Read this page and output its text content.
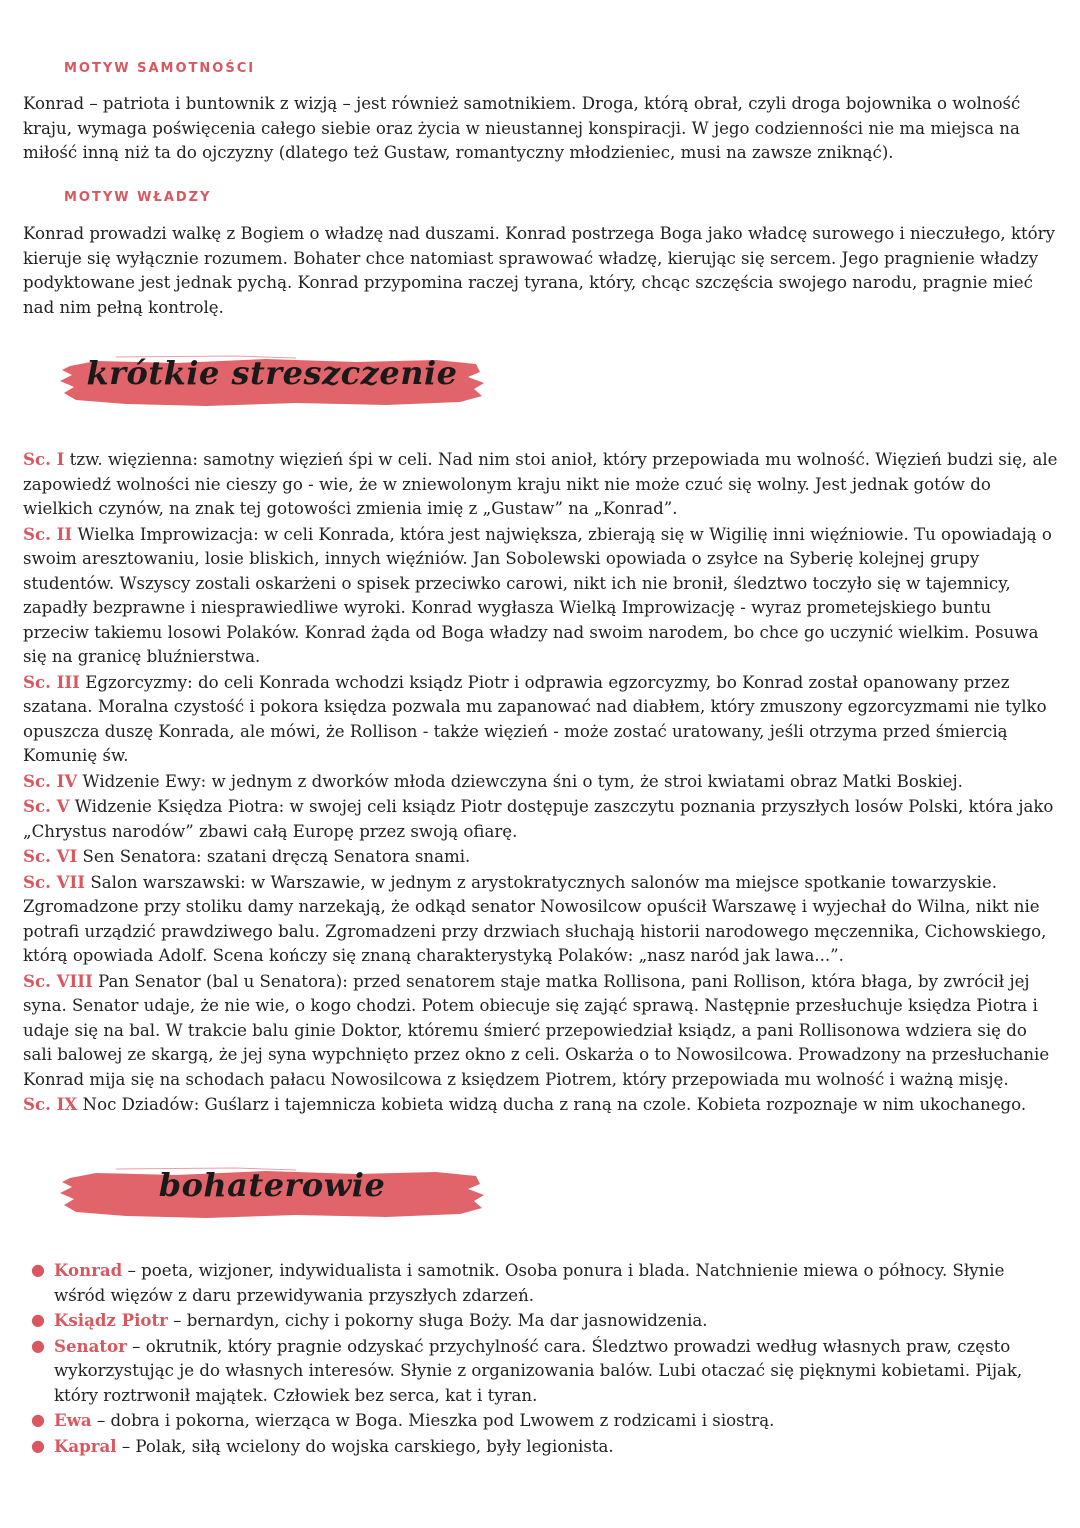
MOTYW SAMOTNOŚCI

Konrad – patriota i buntownik z wizją – jest również samotnikiem. Droga, którą obrał, czyli droga bojownika o wolność kraju, wymaga poświęcenia całego siebie oraz życia w nieustannej konspiracji. W jego codzienności nie ma miejsca na miłość inną niż ta do ojczyzny (dlatego też Gustaw, romantyczny młodzieniec, musi na zawsze zniknąć).

MOTYW WŁADZY

Konrad prowadzi walkę z Bogiem o władzę nad duszami. Konrad postrzega Boga jako władcę surowego i nieczułego, który kieruje się wyłącznie rozumem. Bohater chce natomiast sprawować władzę, kierując się sercem. Jego pragnienie władzy podyktowane jest jednak pychą. Konrad przypomina raczej tyrana, który, chcąc szczęścia swojego narodu, pragnie mieć nad nim pełną kontrolę.

krótkie streszczenie

Sc. I tzw. więzienna: samotny więzień śpi w celi. Nad nim stoi anioł, który przepowiada mu wolność. Więzień budzi się, ale zapowiedź wolności nie cieszy go - wie, że w zniewolonym kraju nikt nie może czuć się wolny. Jest jednak gotów do wielkich czynów, na znak tej gotowości zmienia imię z „Gustaw” na „Konrad”.

Sc. II Wielka Improwizacja: w celi Konrada, która jest największa, zbierają się w Wigilię inni więźniowie. Tu opowiadają o swoim aresztowaniu, losie bliskich, innych więźniów. Jan Sobolewski opowiada o zsyłce na Syberię kolejnej grupy studentów. Wszyscy zostali oskarżeni o spisek przeciwko carowi, nikt ich nie bronił, śledztwo toczyło się w tajemnicy, zapadły bezprawne i niesprawiedliwe wyroki. Konrad wygłasza Wielką Improwizację - wyraz prometejskiego buntu przeciw takiemu losowi Polaków. Konrad żąda od Boga władzy nad swoim narodem, bo chce go uczynić wielkim. Posuwa się na granicę bluźnierstwa.

Sc. III Egzorcyzmy: do celi Konrada wchodzi ksiądz Piotr i odprawia egzorcyzmy, bo Konrad został opanowany przez szatana. Moralna czystość i pokora księdza pozwala mu zapanować nad diabłem, który zmuszony egzorcyzmami nie tylko opuszcza duszę Konrada, ale mówi, że Rollison - także więzień - może zostać uratowany, jeśli otrzyma przed śmiercią Komunię św.

Sc. IV Widzenie Ewy: w jednym z dworków młoda dziewczyna śni o tym, że stroi kwiatami obraz Matki Boskiej.

Sc. V Widzenie Księdza Piotra: w swojej celi ksiądz Piotr dostępuje zaszczytu poznania przyszłych losów Polski, która jako „Chrystus narodów” zbawi całą Europę przez swoją ofiarę.

Sc. VI Sen Senatora: szatani dręczą Senatora snami.

Sc. VII Salon warszawski: w Warszawie, w jednym z arystokratycznych salonów ma miejsce spotkanie towarzyskie. Zgromadzone przy stoliku damy narzekają, że odkąd senator Nowosilcow opuścił Warszawę i wyjechał do Wilna, nikt nie potrafi urządzić prawdziwego balu. Zgromadzeni przy drzwiach słuchają historii narodowego męczennika, Cichowskiego, którą opowiada Adolf. Scena kończy się znaną charakterystyką Polaków: „nasz naród jak lawa...”.

Sc. VIII Pan Senator (bal u Senatora): przed senatorem staje matka Rollisona, pani Rollison, która błaga, by zwrócił jej syna. Senator udaje, że nie wie, o kogo chodzi. Potem obiecuje się zająć sprawą. Następnie przesłuchuje księdza Piotra i udaje się na bal. W trakcie balu ginie Doktor, któremu śmierć przepowiedział ksiądz, a pani Rollisonowa wdziera się do sali balowej ze skargą, że jej syna wypchnięto przez okno z celi. Oskarża o to Nowosilcowa. Prowadzony na przesłuchanie Konrad mija się na schodach pałacu Nowosilcowa z księdzem Piotrem, który przepowiada mu wolność i ważną misję.

Sc. IX Noc Dziadów: Guślarz i tajemnicza kobieta widzą ducha z raną na czole. Kobieta rozpoznaje w nim ukochanego.

bohaterowie
● Konrad – poeta, wizjoner, indywidualista i samotnik. Osoba ponura i blada. Natchnienie miewa o północy. Słynie wśród więzów z daru przewidywania przyszłych zdarzeń.
● Ksiądz Piotr – bernardyn, cichy i pokorny sługa Boży. Ma dar jasnowidzenia.
● Senator – okrutnik, który pragnie odzyskać przychylność cara. Śledztwo prowadzi według własnych praw, często wykorzystując je do własnych interesów. Słynie z organizowania balów. Lubi otaczać się pięknymi kobietami. Pijak, który roztrwonił majątek. Człowiek bez serca, kat i tyran.
● Ewa – dobra i pokorna, wierząca w Boga. Mieszka pod Lwowem z rodzicami i siostrą.
● Kapral – Polak, siłą wcielony do wojska carskiego, były legionista.
